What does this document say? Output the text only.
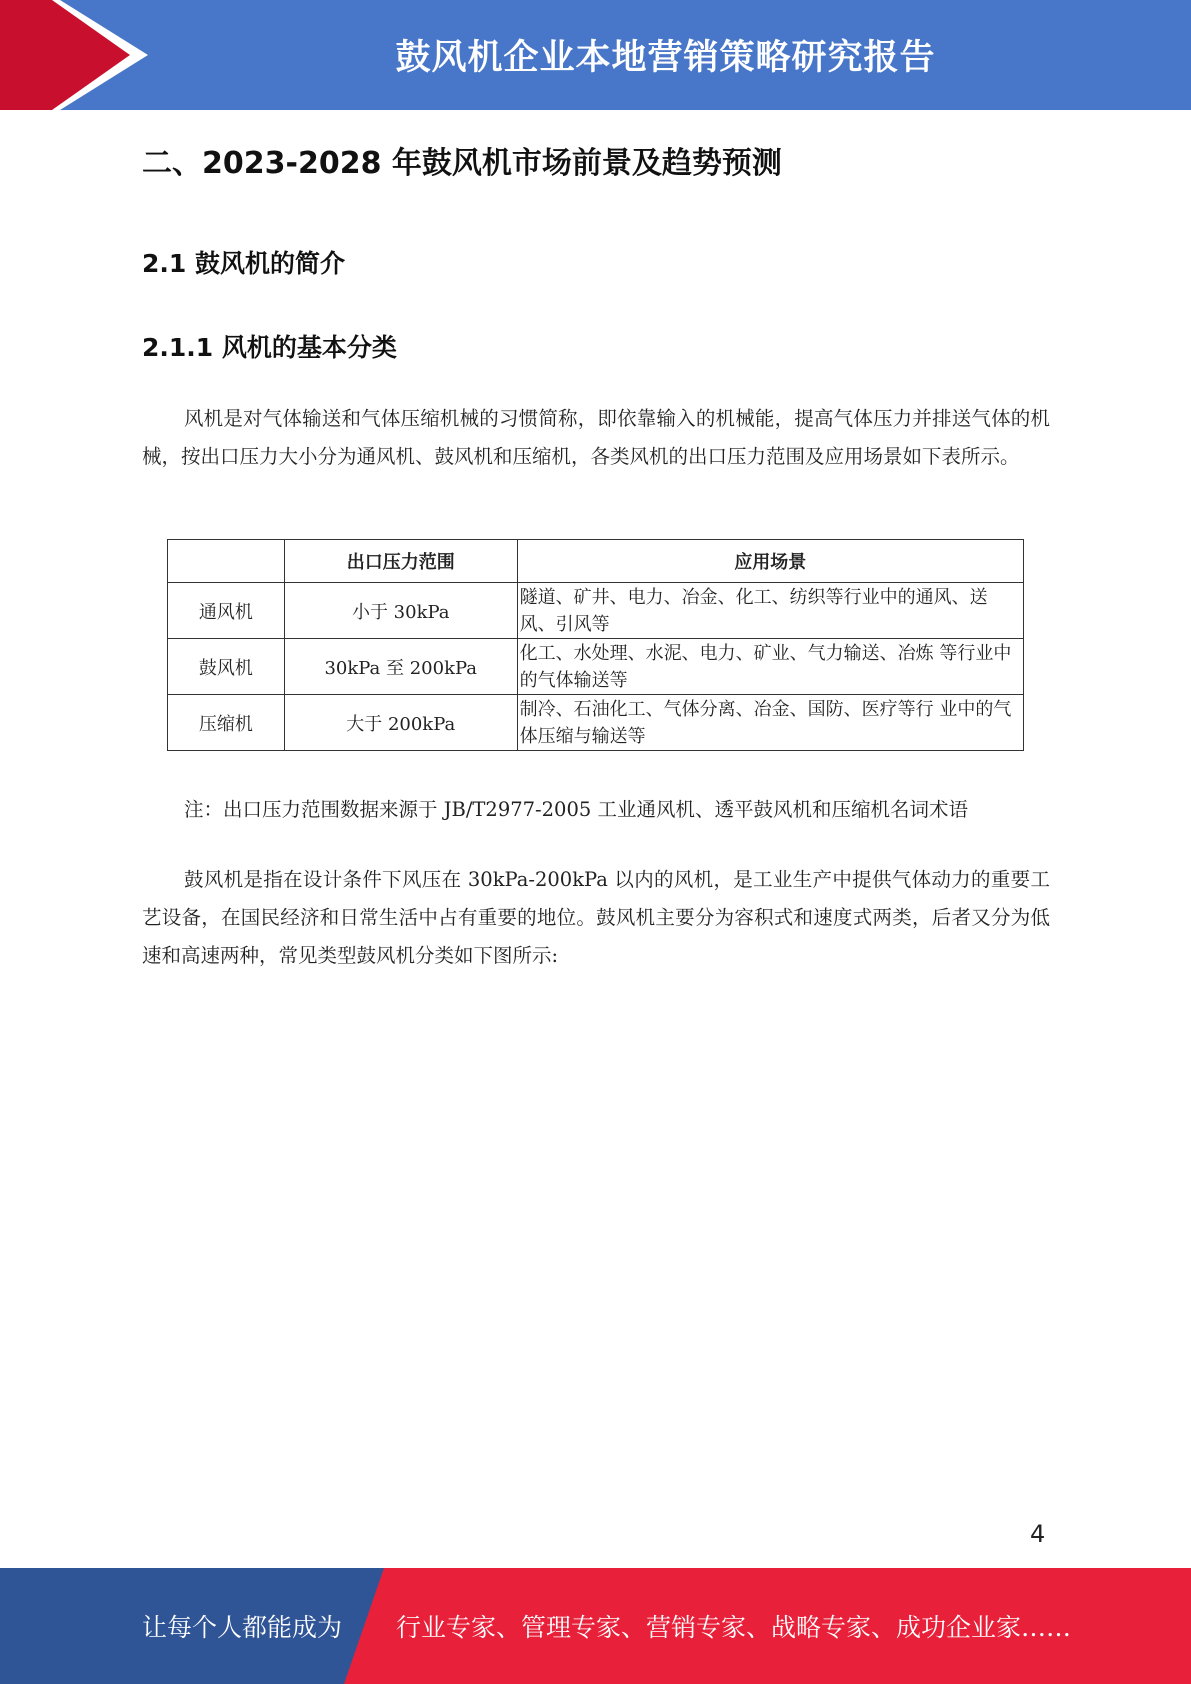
鼓风机企业本地营销策略研究报告
二、2023-2028 年鼓风机市场前景及趋势预测
2.1 鼓风机的简介
2.1.1 风机的基本分类
风机是对气体输送和气体压缩机械的习惯简称，即依靠输入的机械能，提高气体压力并排送气体的机械，按出口压力大小分为通风机、鼓风机和压缩机，各类风机的出口压力范围及应用场景如下表所示。
	出口压力范围	应用场景
通风机	小于 30kPa	隧道、矿井、电力、冶金、化工、纺织等行业中的通风、送风、引风等
鼓风机	30kPa 至 200kPa	化工、水处理、水泥、电力、矿业、气力输送、冶炼 等行业中的气体输送等
压缩机	大于 200kPa	制冷、石油化工、气体分离、冶金、国防、医疗等行 业中的气体压缩与输送等
注：出口压力范围数据来源于 JB/T2977-2005 工业通风机、透平鼓风机和压缩机名词术语
鼓风机是指在设计条件下风压在 30kPa-200kPa 以内的风机，是工业生产中提供气体动力的重要工艺设备，在国民经济和日常生活中占有重要的地位。鼓风机主要分为容积式和速度式两类，后者又分为低速和高速两种，常见类型鼓风机分类如下图所示:
4
让每个人都能成为 行业专家、管理专家、营销专家、战略专家、成功企业家……
